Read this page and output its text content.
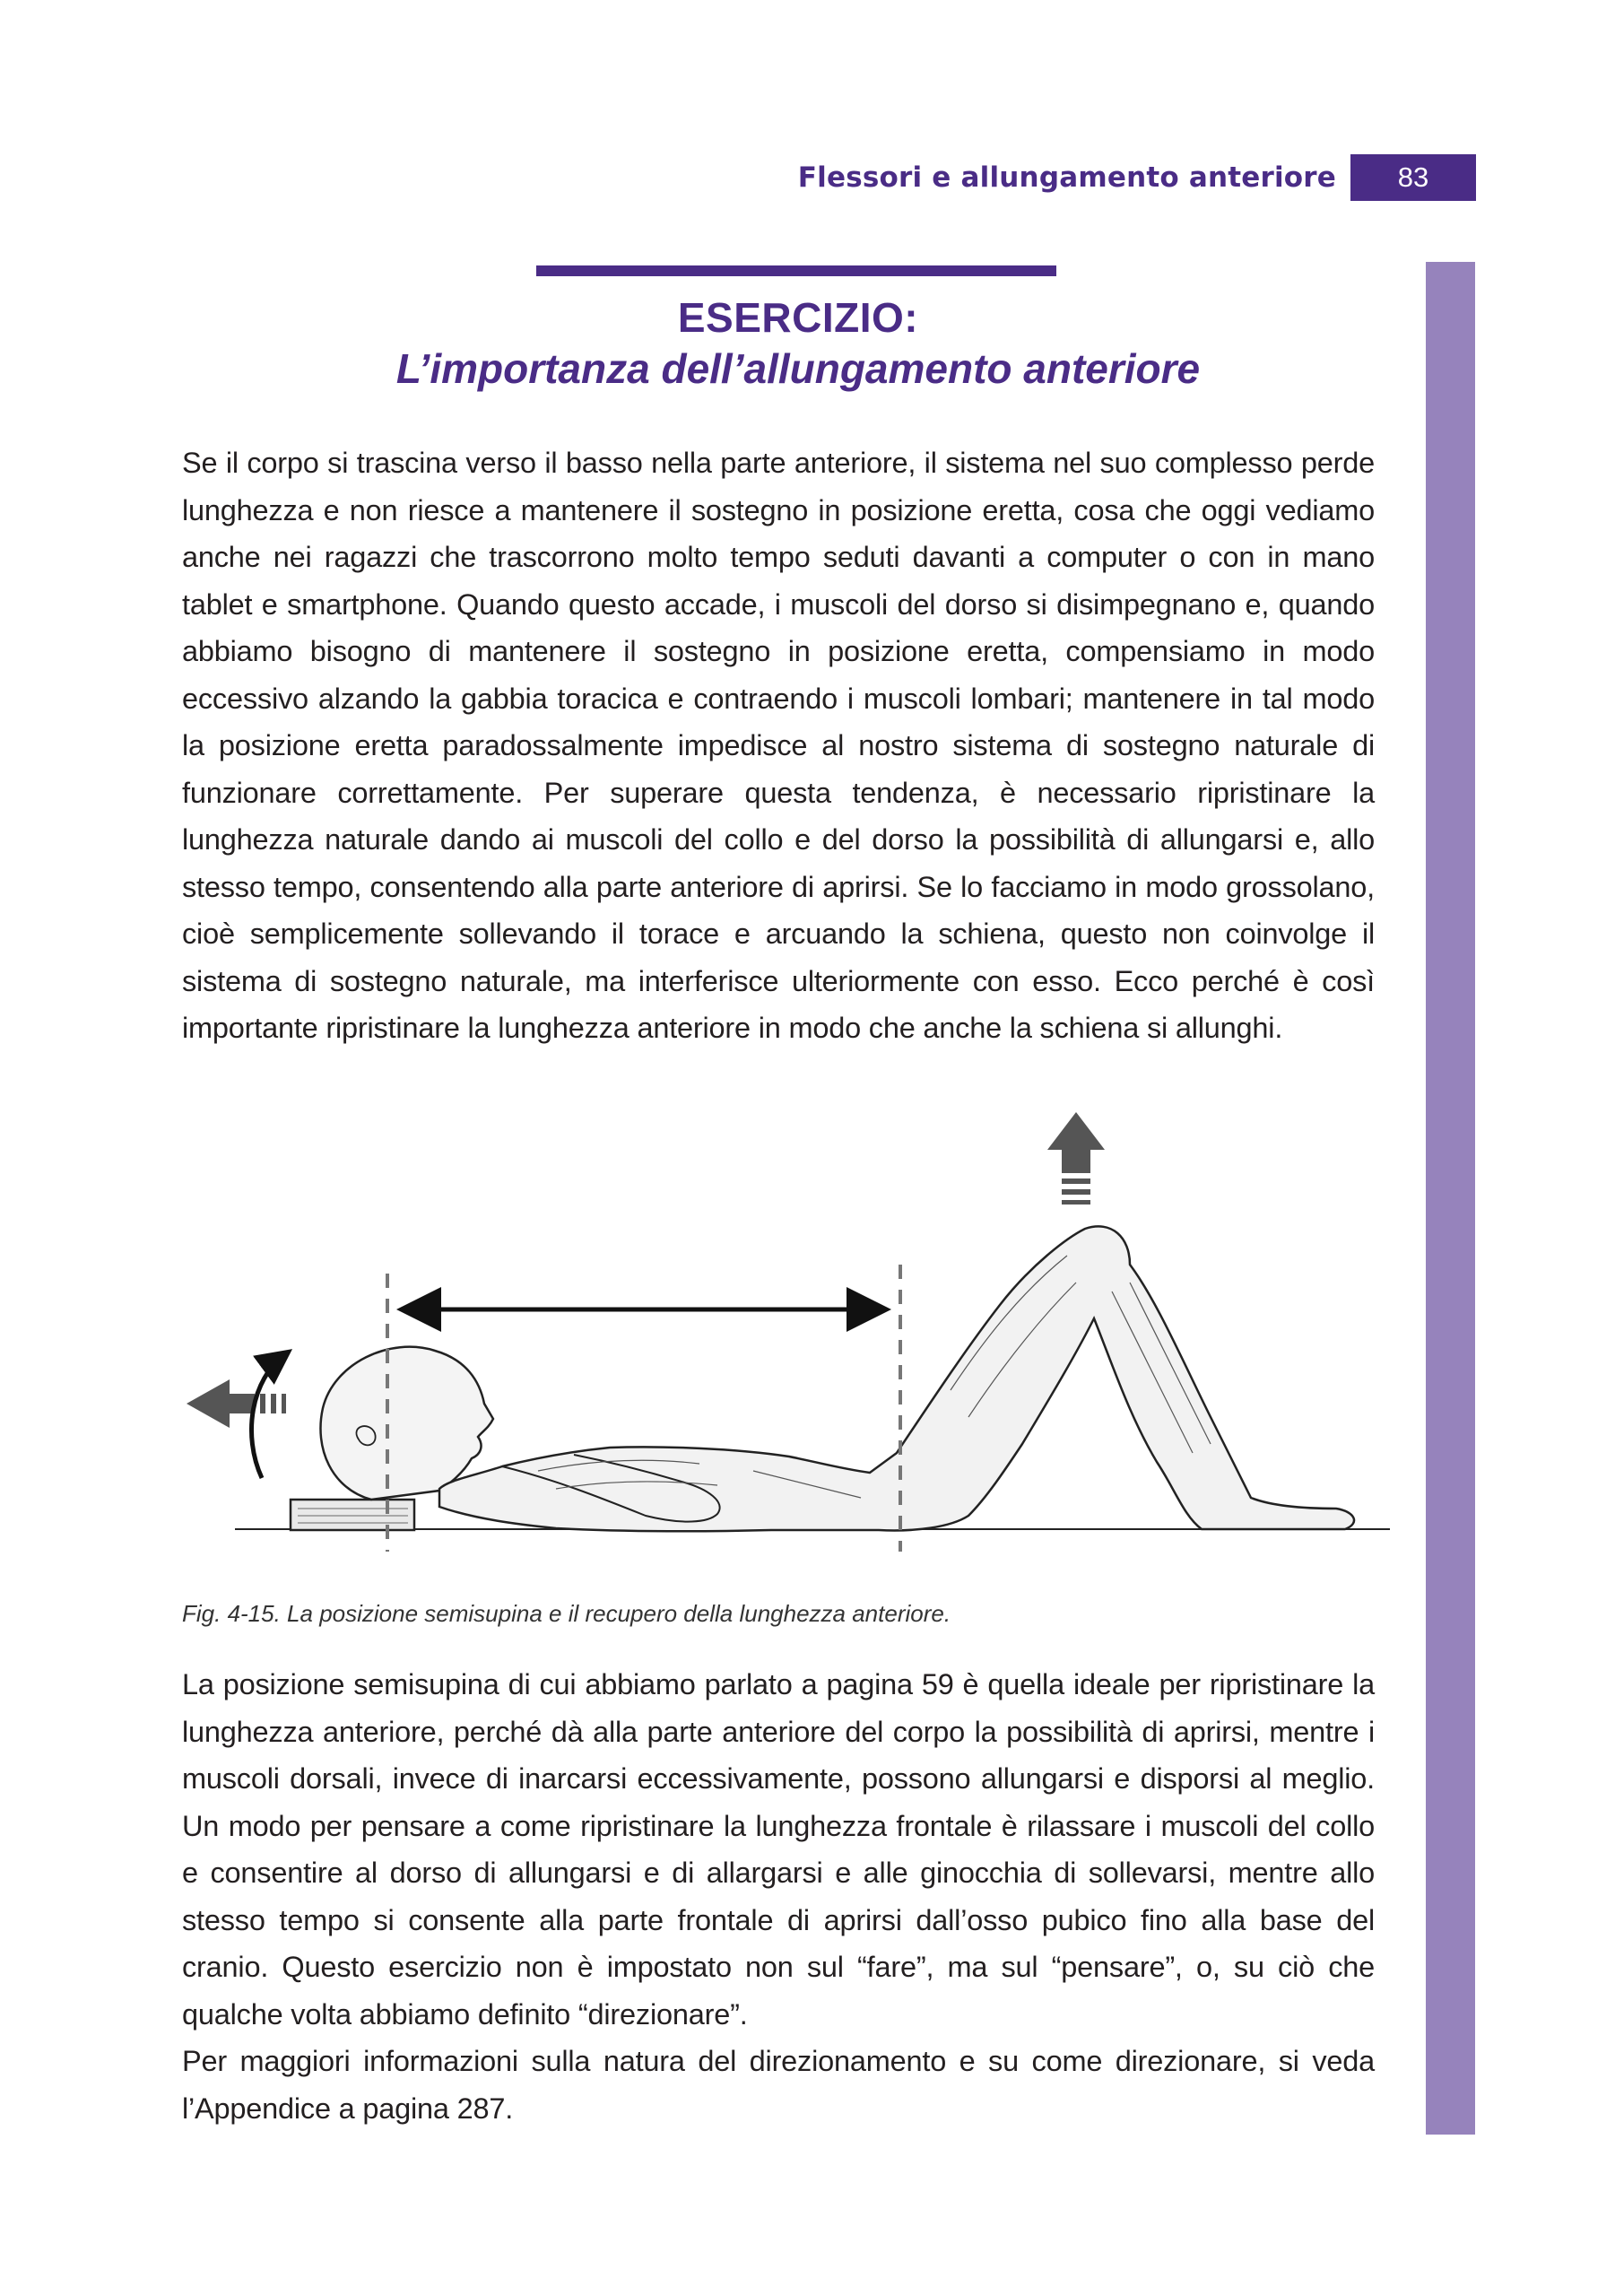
Flessori e allungamento anteriore	83
ESERCIZIO:
L’importanza dell’allungamento anteriore

Se il corpo si trascina verso il basso nella parte anteriore, il sistema nel suo complesso perde lunghezza e non riesce a mantenere il sostegno in posizione eretta, cosa che oggi vediamo anche nei ragazzi che trascorrono molto tempo seduti davanti a computer o con in mano tablet e smartphone. Quando questo accade, i muscoli del dorso si disimpegnano e, quando abbiamo bisogno di mantenere il sostegno in posizione eretta, compensiamo in modo eccessivo alzando la gabbia toracica e contraendo i muscoli lombari; mantenere in tal modo la posizione eretta paradossalmente impedisce al nostro sistema di sostegno naturale di funzionare correttamente. Per superare questa tendenza, è necessario ripristinare la lunghezza naturale dando ai muscoli del collo e del dorso la possibilità di allungarsi e, allo stesso tempo, consentendo alla parte anteriore di aprirsi. Se lo facciamo in modo grossolano, cioè semplicemente sollevando il torace e arcuando la schiena, questo non coinvolge il sistema di sostegno naturale, ma interferisce ulteriormente con esso. Ecco perché è così importante ripristinare la lunghezza anteriore in modo che anche la schiena si allunghi.

Fig. 4-15. La posizione semisupina e il recupero della lunghezza anteriore.

La posizione semisupina di cui abbiamo parlato a pagina 59 è quella ideale per ripristinare la lunghezza anteriore, perché dà alla parte anteriore del corpo la possibilità di aprirsi, mentre i muscoli dorsali, invece di inarcarsi eccessivamente, possono allungarsi e disporsi al meglio. Un modo per pensare a come ripristinare la lunghezza frontale è rilassare i muscoli del collo e consentire al dorso di allungarsi e di allargarsi e alle ginocchia di sollevarsi, mentre allo stesso tempo si consente alla parte frontale di aprirsi dall’osso pubico fino alla base del cranio. Questo esercizio non è impostato non sul “fare”, ma sul “pensare”, o, su ciò che qualche volta abbiamo definito “direzionare”.

Per maggiori informazioni sulla natura del direzionamento e su come direzionare, si veda l’Appendice a pagina 287.
